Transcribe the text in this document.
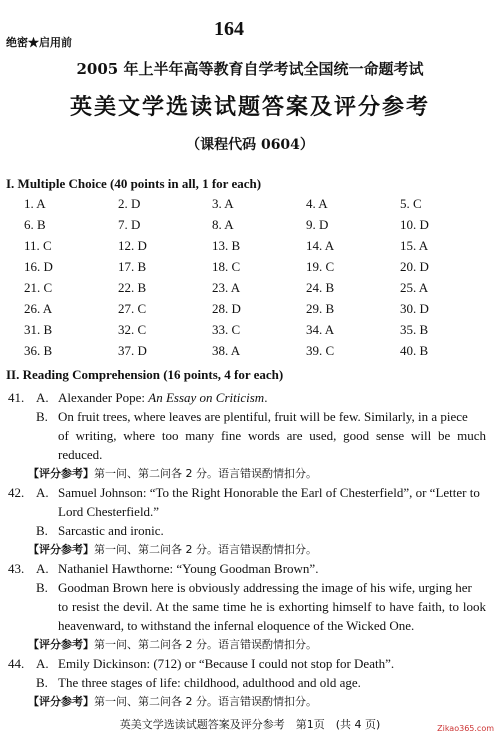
绝密★启用前
164
2005 年上半年高等教育自学考试全国统一命题考试
英美文学选读试题答案及评分参考
（课程代码 0604）
I. Multiple Choice (40 points in all, 1 for each)
1. A	2. D	3. A	4. A	5. C
6. B	7. D	8. A	9. D	10. D
11. C	12. D	13. B	14. A	15. A
16. D	17. B	18. C	19. C	20. D
21. C	22. B	23. A	24. B	25. A
26. A	27. C	28. D	29. B	30. D
31. B	32. C	33. C	34. A	35. B
36. B	37. D	38. A	39. C	40. B
II. Reading Comprehension (16 points, 4 for each)
41. A. Alexander Pope: An Essay on Criticism.
B. On fruit trees, where leaves are plentiful, fruit will be few. Similarly, in a piece
of writing, where too many fine words are used, good sense will be much reduced.
【评分参考】第一问、第二问各 2 分。语言错误酌情扣分。
42. A. Samuel Johnson: “To the Right Honorable the Earl of Chesterfield”, or “Letter to
Lord Chesterfield.”
B. Sarcastic and ironic.
【评分参考】第一问、第二问各 2 分。语言错误酌情扣分。
43. A. Nathaniel Hawthorne: “Young Goodman Brown”.
B. Goodman Brown here is obviously addressing the image of his wife, urging her
to resist the devil. At the same time he is exhorting himself to have faith, to look heavenward, to withstand the infernal eloquence of the Wicked One.
【评分参考】第一问、第二问各 2 分。语言错误酌情扣分。
44. A. Emily Dickinson: (712) or “Because I could not stop for Death”.
B. The three stages of life: childhood, adulthood and old age.
【评分参考】第一问、第二问各 2 分。语言错误酌情扣分。
英美文学选读试题答案及评分参考　第1页　(共 4 页)	Zikao365.com
